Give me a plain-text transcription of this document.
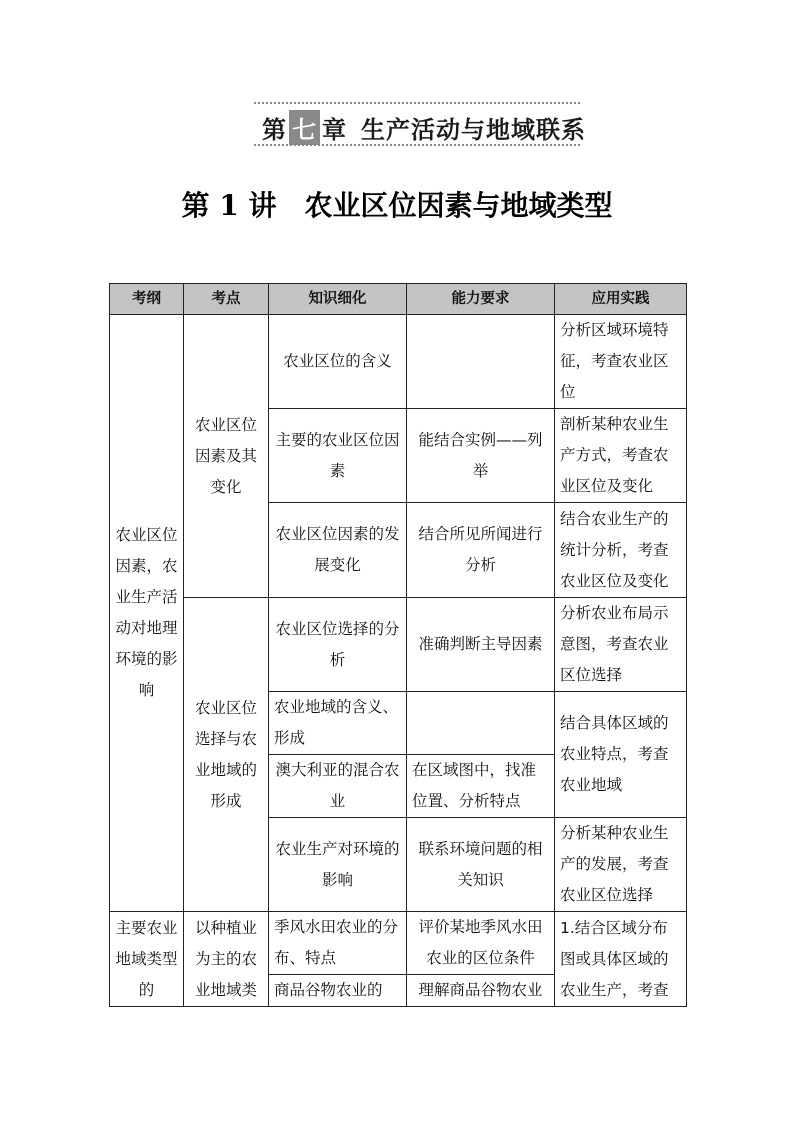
第 七 章 生产活动与地域联系
第 1 讲　农业区位因素与地域类型
考纲	考点	知识细化	能力要求	应用实践
农业区位因素，农业生产活动对地理环境的影响	农业区位因素及其变化	农业区位的含义		分析区域环境特征，考查农业区位
		主要的农业区位因素	能结合实例——列举	剖析某种农业生产方式，考查农业区位及变化
		农业区位因素的发展变化	结合所见所闻进行分析	结合农业生产的统计分析，考查农业区位及变化
	农业区位选择与农业地域的形成	农业区位选择的分析	准确判断主导因素	分析农业布局示意图，考查农业区位选择
		农业地域的含义、形成		结合具体区域的农业特点，考查农业地域
		澳大利亚的混合农业	在区域图中，找准位置、分析特点	
		农业生产对环境的影响	联系环境问题的相关知识	分析某种农业生产的发展，考查农业区位选择
主要农业地域类型的	以种植业为主的农业地域类	季风水田农业的分布、特点	评价某地季风水田农业的区位条件	1.结合区域分布图或具体区域的农业生产，考查
		商品谷物农业的	理解商品谷物农业	
